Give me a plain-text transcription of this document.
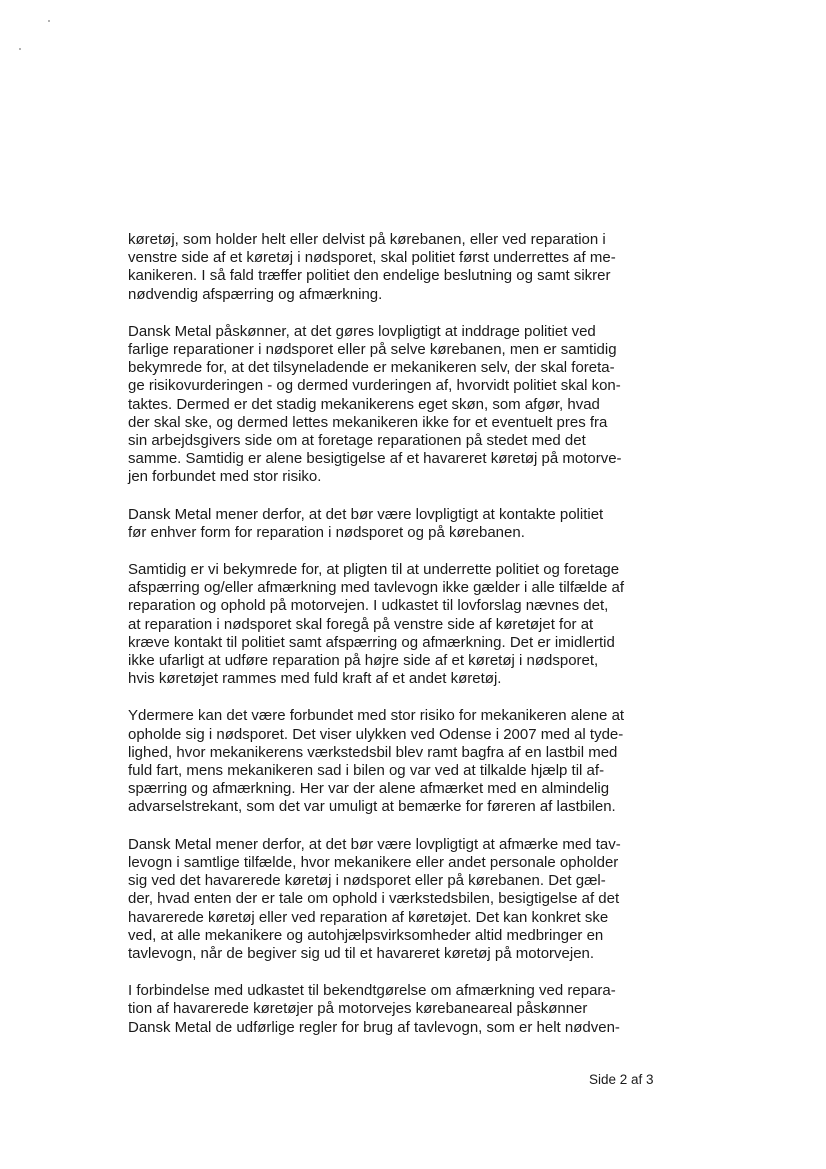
køretøj, som holder helt eller delvist på kørebanen, eller ved reparation i
venstre side af et køretøj i nødsporet, skal politiet først underrettes af me-
kanikeren. I så fald træffer politiet den endelige beslutning og samt sikrer
nødvendig afspærring og afmærkning.

Dansk Metal påskønner, at det gøres lovpligtigt at inddrage politiet ved
farlige reparationer i nødsporet eller på selve kørebanen, men er samtidig
bekymrede for, at det tilsyneladende er mekanikeren selv, der skal foreta-
ge risikovurderingen - og dermed vurderingen af, hvorvidt politiet skal kon-
taktes. Dermed er det stadig mekanikerens eget skøn, som afgør, hvad
der skal ske, og dermed lettes mekanikeren ikke for et eventuelt pres fra
sin arbejdsgivers side om at foretage reparationen på stedet med det
samme. Samtidig er alene besigtigelse af et havareret køretøj på motorve-
jen forbundet med stor risiko.

Dansk Metal mener derfor, at det bør være lovpligtigt at kontakte politiet
før enhver form for reparation i nødsporet og på kørebanen.

Samtidig er vi bekymrede for, at pligten til at underrette politiet og foretage
afspærring og/eller afmærkning med tavlevogn ikke gælder i alle tilfælde af
reparation og ophold på motorvejen. I udkastet til lovforslag nævnes det,
at reparation i nødsporet skal foregå på venstre side af køretøjet for at
kræve kontakt til politiet samt afspærring og afmærkning. Det er imidlertid
ikke ufarligt at udføre reparation på højre side af et køretøj i nødsporet,
hvis køretøjet rammes med fuld kraft af et andet køretøj.

Ydermere kan det være forbundet med stor risiko for mekanikeren alene at
opholde sig i nødsporet. Det viser ulykken ved Odense i 2007 med al tyde-
lighed, hvor mekanikerens værkstedsbil blev ramt bagfra af en lastbil med
fuld fart, mens mekanikeren sad i bilen og var ved at tilkalde hjælp til af-
spærring og afmærkning. Her var der alene afmærket med en almindelig
advarselstrekant, som det var umuligt at bemærke for føreren af lastbilen.

Dansk Metal mener derfor, at det bør være lovpligtigt at afmærke med tav-
levogn i samtlige tilfælde, hvor mekanikere eller andet personale opholder
sig ved det havarerede køretøj i nødsporet eller på kørebanen. Det gæl-
der, hvad enten der er tale om ophold i værkstedsbilen, besigtigelse af det
havarerede køretøj eller ved reparation af køretøjet. Det kan konkret ske
ved, at alle mekanikere og autohjælpsvirksomheder altid medbringer en
tavlevogn, når de begiver sig ud til et havareret køretøj på motorvejen.

I forbindelse med udkastet til bekendtgørelse om afmærkning ved repara-
tion af havarerede køretøjer på motorvejes kørebaneareal påskønner
Dansk Metal de udførlige regler for brug af tavlevogn, som er helt nødven-

Side 2 af 3
